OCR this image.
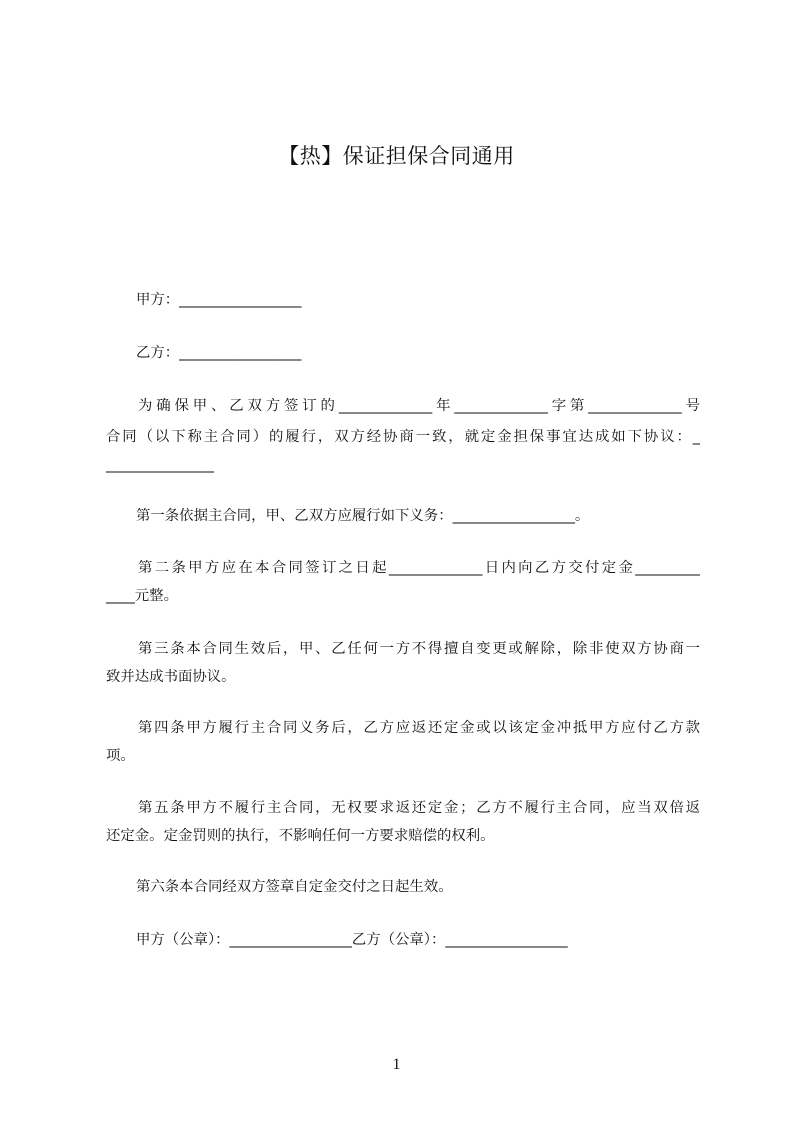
【热】保证担保合同通用
甲方：_________________
乙方：_________________
为确保甲、乙双方签订的_____________年_____________字第_____________号
合同（以下称主合同）的履行，双方经协商一致，就定金担保事宜达成如下协议：_
_______________
第一条依据主合同，甲、乙双方应履行如下义务：_________________。
第二条甲方应在本合同签订之日起_____________日内向乙方交付定金_________
____元整。
第三条本合同生效后，甲、乙任何一方不得擅自变更或解除，除非使双方协商一
致并达成书面协议。
第四条甲方履行主合同义务后，乙方应返还定金或以该定金冲抵甲方应付乙方款
项。
第五条甲方不履行主合同，无权要求返还定金；乙方不履行主合同，应当双倍返
还定金。定金罚则的执行，不影响任何一方要求赔偿的权利。
第六条本合同经双方签章自定金交付之日起生效。
甲方（公章）：_________________乙方（公章）：_________________
1
